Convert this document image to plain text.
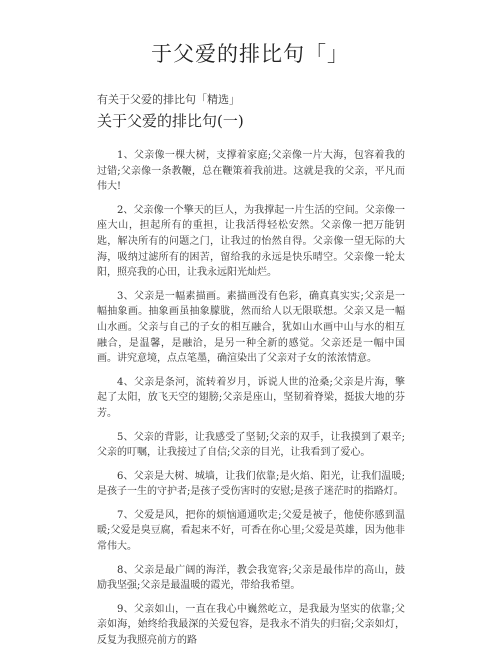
于父爱的排比句「」
有关于父爱的排比句「精选」
关于父爱的排比句(一)

1、父亲像一棵大树，支撑着家庭;父亲像一片大海，包容着我的过错;父亲像一条教鞭，总在鞭策着我前进。这就是我的父亲，平凡而伟大!

2、父亲像一个擎天的巨人，为我撑起一片生活的空间。父亲像一座大山，担起所有的重担，让我活得轻松安然。父亲像一把万能钥匙，解决所有的问题之门，让我过的怡然自得。父亲像一望无际的大海，吸纳过滤所有的困苦，留给我的永远是快乐晴空。父亲像一轮太阳，照亮我的心田，让我永远阳光灿烂。

3、父亲是一幅素描画。素描画没有色彩，确真真实实;父亲是一幅抽象画。抽象画虽抽象朦胧，然而给人以无限联想。父亲又是一幅山水画。父亲与自己的子女的相互融合，犹如山水画中山与水的相互融合，是温馨，是融洽，是另一种全新的感觉。父亲还是一幅中国画。讲究意境，点点笔墨，确渲染出了父亲对子女的浓浓情意。

4、父亲是条河，流转着岁月，诉说人世的沧桑;父亲是片海，擎起了太阳，放飞天空的翅膀;父亲是座山，坚韧着脊梁，挺拔大地的芬芳。

5、父亲的背影，让我感受了坚韧;父亲的双手，让我摸到了艰辛;父亲的叮嘱，让我接过了自信;父亲的目光，让我看到了爱心。

6、父亲是大树、城墙，让我们依靠;是火焰、阳光，让我们温暖;是孩子一生的守护者;是孩子受伤害时的安慰;是孩子迷茫时的指路灯。

7、父爱是风，把你的烦恼通通吹走;父爱是被子，他使你感到温暖;父爱是臭豆腐，看起来不好，可香在你心里;父爱是英雄，因为他非常伟大。

8、父亲是最广阔的海洋，教会我宽容;父亲是最伟岸的高山，鼓励我坚强;父亲是最温暖的霞光，带给我希望。

9、父亲如山，一直在我心中巍然屹立，是我最为坚实的依靠;父亲如海，始终给我最深的关爱包容，是我永不消失的归宿;父亲如灯，反复为我照亮前方的路
